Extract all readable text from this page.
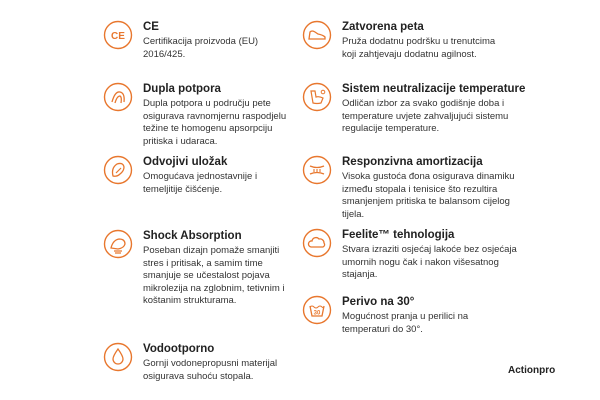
CE
CE
Certifikacija proizvoda (EU)
2016/425.
Dupla potpora
Dupla potpora u području pete
osigurava ravnomjernu raspodjelu
težine te homogenu apsorpciju
pritiska i udaraca.
Odvojivi uložak
Omogućava jednostavnije i
temeljitije čišćenje.
Shock Absorption
Poseban dizajn pomaže smanjiti
stres i pritisak, a samim time
smanjuje se učestalost pojava
mikrolezija na zglobnim, tetivnim i
koštanim strukturama.
Vodootporno
Gornji vodonepropusni materijal
osigurava suhoću stopala.
Zatvorena peta
Pruža dodatnu podršku u trenutcima
koji zahtjevaju dodatnu agilnost.
Sistem neutralizacije temperature
Odličan izbor za svako godišnje doba i
temperature uvjete zahvaljujući sistemu
regulacije temperature.
Responzivna amortizacija
Visoka gustoća đona osigurava dinamiku
između stopala i tenisice što rezultira
smanjenjem pritiska te balansom cijelog
tijela.
Feelite™ tehnologija
Stvara izraziti osjećaj lakoće bez osjećaja
umornih nogu čak i nakon višesatnog
stajanja.
30
Perivo na 30°
Mogućnost pranja u perilici na
temperaturi do 30°.
Actionpro
